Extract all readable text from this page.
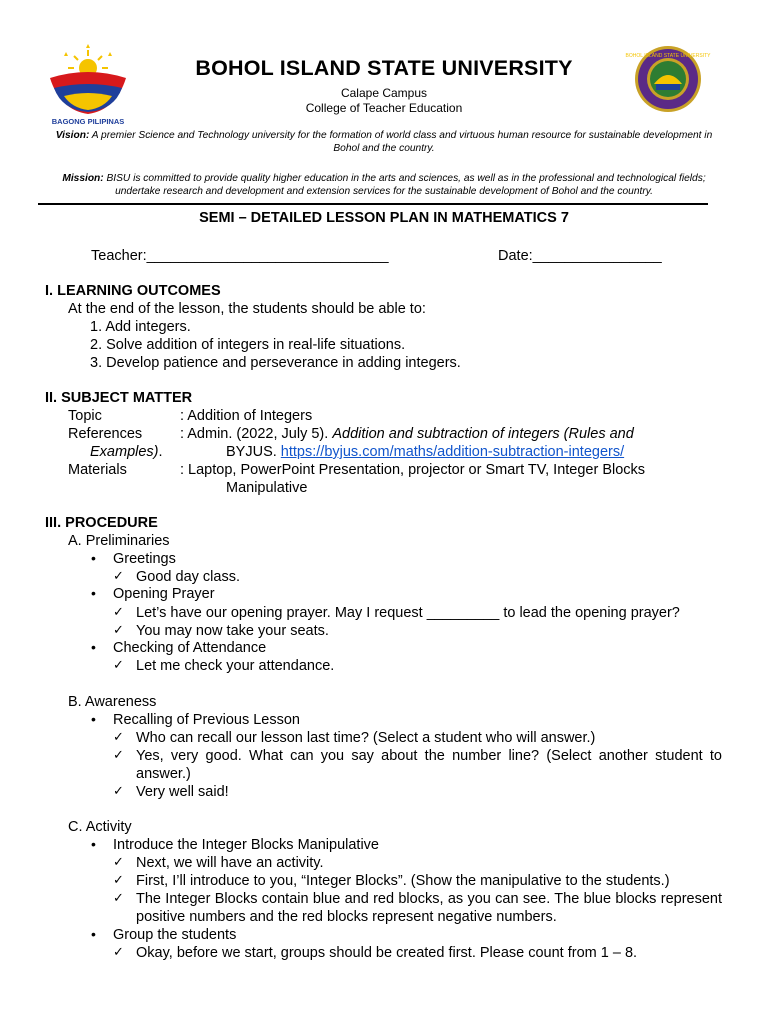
BAGONG PILIPINAS
BOHOL ISLAND STATE UNIVERSITY
BOHOL ISLAND STATE UNIVERSITY
Calape Campus
College of Teacher Education
Vision: A premier Science and Technology university for the formation of world class and virtuous human resource for sustainable development in Bohol and the country.
Mission: BISU is committed to provide quality higher education in the arts and sciences, as well as in the professional and technological fields; undertake research and development and extension services for the sustainable development of Bohol and the country.
SEMI – DETAILED LESSON PLAN IN MATHEMATICS 7
Teacher:______________________________	Date:________________
I. LEARNING OUTCOMES
At the end of the lesson, the students should be able to:
1. Add integers.
2. Solve addition of integers in real-life situations.
3. Develop patience and perseverance in adding integers.
II. SUBJECT MATTER
Topic	: Addition of Integers
References	: Admin. (2022, July 5). Addition and subtraction of integers (Rules and
Examples).	BYJUS. https://byjus.com/maths/addition-subtraction-integers/
Materials	: Laptop, PowerPoint Presentation, projector or Smart TV, Integer Blocks
Manipulative
III. PROCEDURE
A. Preliminaries
• Greetings
✓ Good day class.
• Opening Prayer
✓ Let’s have our opening prayer. May I request _________ to lead the opening prayer?
✓ You may now take your seats.
• Checking of Attendance
✓ Let me check your attendance.
B. Awareness
• Recalling of Previous Lesson
✓ Who can recall our lesson last time? (Select a student who will answer.)
✓ Yes, very good. What can you say about the number line? (Select another student to answer.)
✓ Very well said!
C. Activity
• Introduce the Integer Blocks Manipulative
✓ Next, we will have an activity.
✓ First, I’ll introduce to you, “Integer Blocks”. (Show the manipulative to the students.)
✓ The Integer Blocks contain blue and red blocks, as you can see. The blue blocks represent positive numbers and the red blocks represent negative numbers.
• Group the students
✓ Okay, before we start, groups should be created first. Please count from 1 – 8.
